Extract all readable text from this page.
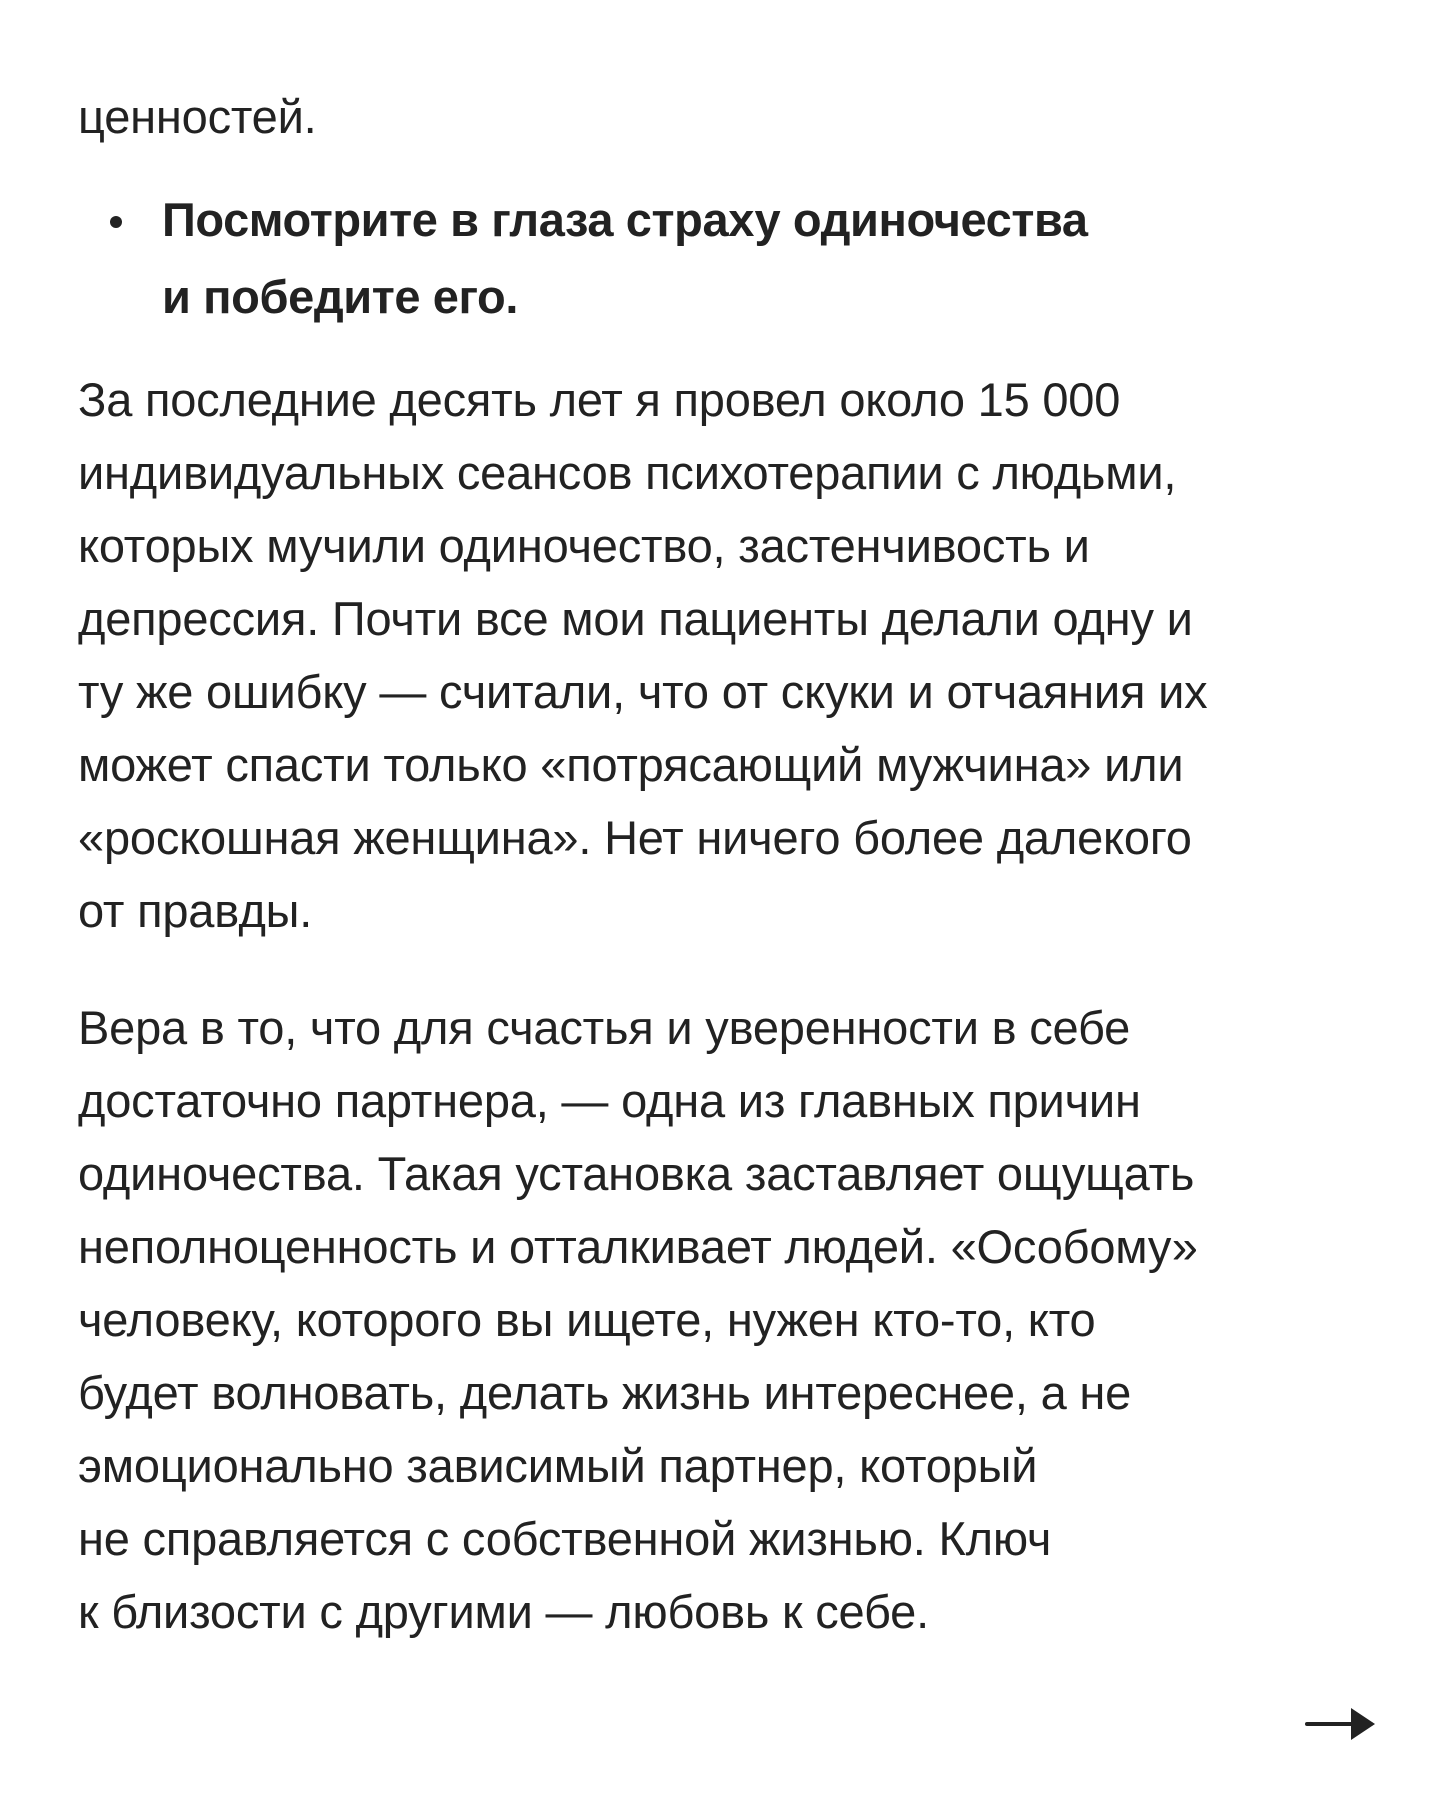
ценностей.
Посмотрите в глаза страху одиночества
и победите его.
За последние десять лет я провел около 15 000
индивидуальных сеансов психотерапии с людьми,
которых мучили одиночество, застенчивость и
депрессия. Почти все мои пациенты делали одну и
ту же ошибку — считали, что от скуки и отчаяния их
может спасти только «потрясающий мужчина» или
«роскошная женщина». Нет ничего более далекого
от правды.
Вера в то, что для счастья и уверенности в себе
достаточно партнера, — одна из главных причин
одиночества. Такая установка заставляет ощущать
неполноценность и отталкивает людей. «Особому»
человеку, которого вы ищете, нужен кто-то, кто
будет волновать, делать жизнь интереснее, а не
эмоционально зависимый партнер, который
не справляется с собственной жизнью. Ключ
к близости с другими — любовь к себе.
